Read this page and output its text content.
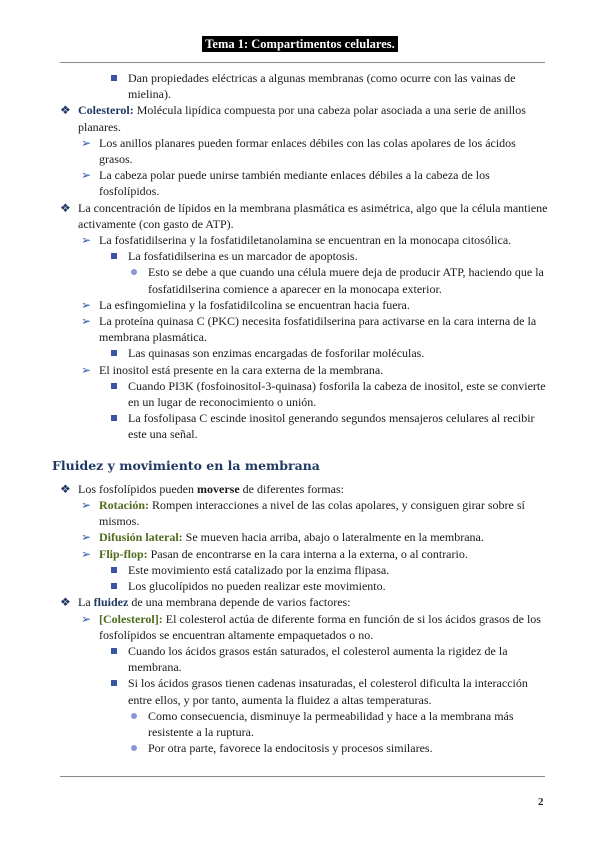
Tema 1: Compartimentos celulares.

Dan propiedades eléctricas a algunas membranas (como ocurre con las vainas de mielina).

❖ Colesterol: Molécula lipídica compuesta por una cabeza polar asociada a una serie de anillos planares.

➢ Los anillos planares pueden formar enlaces débiles con las colas apolares de los ácidos grasos.

➢ La cabeza polar puede unirse también mediante enlaces débiles a la cabeza de los fosfolípidos.

❖ La concentración de lípidos en la membrana plasmática es asimétrica, algo que la célula mantiene activamente (con gasto de ATP).

➢ La fosfatidilserina y la fosfatidiletanolamina se encuentran en la monocapa citosólica.

La fosfatidilserina es un marcador de apoptosis.

Esto se debe a que cuando una célula muere deja de producir ATP, haciendo que la fosfatidilserina comience a aparecer en la monocapa exterior.

➢ La esfingomielina y la fosfatidilcolina se encuentran hacia fuera.

➢ La proteína quinasa C (PKC) necesita fosfatidilserina para activarse en la cara interna de la membrana plasmática.

Las quinasas son enzimas encargadas de fosforilar moléculas.

➢ El inositol está presente en la cara externa de la membrana.

Cuando PI3K (fosfoinositol-3-quinasa) fosforila la cabeza de inositol, este se convierte en un lugar de reconocimiento o unión.

La fosfolipasa C escinde inositol generando segundos mensajeros celulares al recibir este una señal.

Fluidez y movimiento en la membrana

❖ Los fosfolípidos pueden moverse de diferentes formas:

➢ Rotación: Rompen interacciones a nivel de las colas apolares, y consiguen girar sobre sí mismos.

➢ Difusión lateral: Se mueven hacia arriba, abajo o lateralmente en la membrana.

➢ Flip-flop: Pasan de encontrarse en la cara interna a la externa, o al contrario.

Este movimiento está catalizado por la enzima flipasa.

Los glucolípidos no pueden realizar este movimiento.

❖ La fluidez de una membrana depende de varios factores:

➢ [Colesterol]: El colesterol actúa de diferente forma en función de si los ácidos grasos de los fosfolípidos se encuentran altamente empaquetados o no.

Cuando los ácidos grasos están saturados, el colesterol aumenta la rigidez de la membrana.

Si los ácidos grasos tienen cadenas insaturadas, el colesterol dificulta la interacción entre ellos, y por tanto, aumenta la fluidez a altas temperaturas.

Como consecuencia, disminuye la permeabilidad y hace a la membrana más resistente a la ruptura.

Por otra parte, favorece la endocitosis y procesos similares.

2
